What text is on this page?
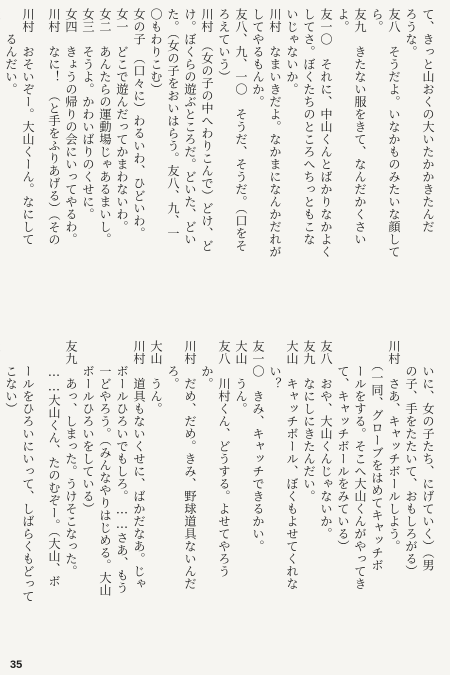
て、きっと山おくの大いたかかきたんだ
ろうな。
友八　そうだよ。いなかものみたいな顔して
ら。
友九　きたない服をきて、なんだかくさい
よ。
友一〇　それに、中山くんとばかりなかよく
してさ。ぼくたちのところへちっともこな
いじゃないか。
川村　なまいきだよ。なかまになんかだれが
してやるもんか。
友八、九、一〇　そうだ、そうだ。（口をそ
ろえていう）
川村　（女の子の中へわりこんで）どけ、ど
け。ぼくらの遊ぶところだ。どいた、どい
た。（女の子をおいはらう。友八、九、一
〇もわりこむ）
女の子　（口々に）わるいわ、ひどいわ。
女一　どこで遊んだってかまわないわ。
女二　あんたらの運動場じゃあるまいし。
女三　そうよ。かわいばりのくせに。
女四　きょうの帰りの会にいってやるわ。
川村　なに！　（と手をふりあげる）（その
川村　おそいぞー。大山くーん。なにして
　　るんだい。
　　いに、女の子たち、にげていく）（男
　　の子、手をたたいて、おもしろがる）
川村　さあ、キャッチボールしよう。
　　（一同、グローブをはめてキャッチボ
　　ールをする。そこへ大山くんがやってき
　　て、キャッチボールをみている）
友八　おや、大山くんじゃないか。
友九　なにしにきたんだい。
大山　キャッチボール、ぼくもよせてくれな
　　い？
友一〇　きみ、キャッチできるかい。
大山　うん。
友八　川村くん、どうする。よせてやろう
　　か。
川村　だめ、だめ。きみ、野球道具ないんだ
　　ろ。
大山　うん。
川村　道具もないくせに、ばかだなあ。じゃ
　　ボールひろいでもしろ。……さあ、もう
　　一どやろう。（みんなやりはじめる。大山
　　ボールひろいをしている）
友九　あっ、しまった。うけそこなった。
　　……大山くん、たのむぞー。（大山、ボ
　　ールをひろいにいって、しばらくもどって
　　こない）
35
